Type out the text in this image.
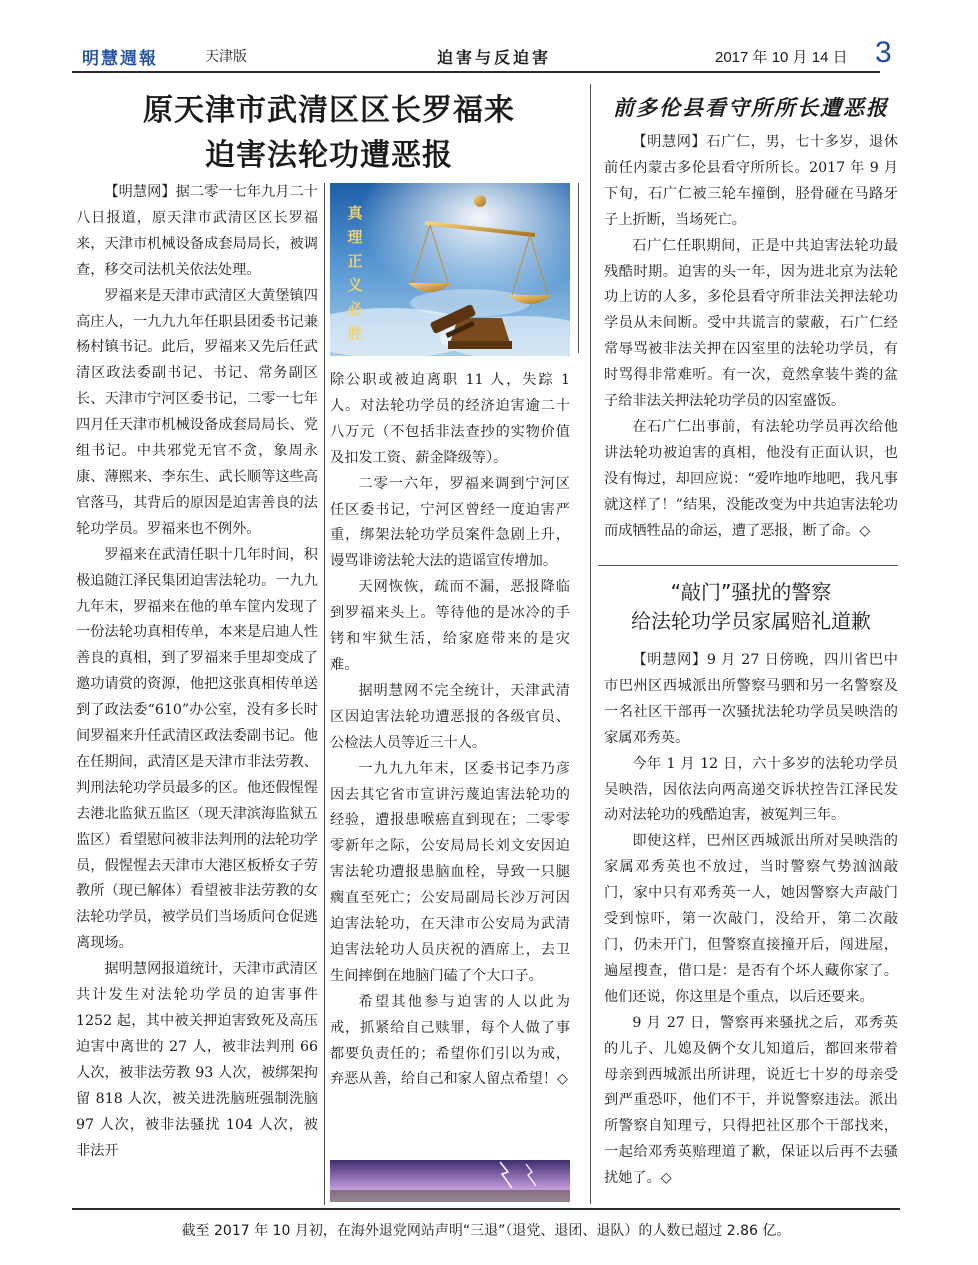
明慧週報	天津版	迫害与反迫害	2017 年 10 月 14 日 3
原天津市武清区区长罗福来
迫害法轮功遭恶报

【明慧网】据二零一七年九月二十八日报道，原天津市武清区区长罗福来，天津市机械设备成套局局长，被调查，移交司法机关依法处理。

罗福来是天津市武清区大黄堡镇四高庄人，一九九九年任职县团委书记兼杨村镇书记。此后，罗福来又先后任武清区政法委副书记、书记、常务副区长、天津市宁河区委书记，二零一七年四月任天津市机械设备成套局局长、党组书记。中共邪党无官不贪，象周永康、薄熙来、李东生、武长顺等这些高官落马，其背后的原因是迫害善良的法轮功学员。罗福来也不例外。

罗福来在武清任职十几年时间，积极追随江泽民集团迫害法轮功。一九九九年末，罗福来在他的单车筐内发现了一份法轮功真相传单，本来是启迪人性善良的真相，到了罗福来手里却变成了邀功请赏的资源，他把这张真相传单送到了政法委“610”办公室，没有多长时间罗福来升任武清区政法委副书记。他在任期间，武清区是天津市非法劳教、判刑法轮功学员最多的区。他还假惺惺去港北监狱五监区（现天津滨海监狱五监区）看望慰问被非法判刑的法轮功学员，假惺惺去天津市大港区板桥女子劳教所（现已解体）看望被非法劳教的女法轮功学员，被学员们当场质问仓促逃离现场。

据明慧网报道统计，天津市武清区共计发生对法轮功学员的迫害事件 1252 起，其中被关押迫害致死及高压迫害中离世的 27 人，被非法判刑 66 人次，被非法劳教 93 人次，被绑架拘留 818 人次，被关进洗脑班强制洗脑 97 人次，被非法骚扰 104 人次，被非法开

真理正义必胜

除公职或被迫离职 11 人，失踪 1 人。对法轮功学员的经济迫害逾二十八万元（不包括非法查抄的实物价值及扣发工资、薪金降级等）。

二零一六年，罗福来调到宁河区任区委书记，宁河区曾经一度迫害严重，绑架法轮功学员案件急剧上升，谩骂诽谤法轮大法的造谣宣传增加。

天网恢恢，疏而不漏，恶报降临到罗福来头上。等待他的是冰冷的手铐和牢狱生活，给家庭带来的是灾难。

据明慧网不完全统计，天津武清区因迫害法轮功遭恶报的各级官员、公检法人员等近三十人。

一九九九年末，区委书记李乃彦因去其它省市宣讲污蔑迫害法轮功的经验，遭报患喉癌直到现在；二零零零新年之际，公安局局长刘文安因迫害法轮功遭报患脑血栓，导致一只腿瘸直至死亡；公安局副局长沙万河因迫害法轮功，在天津市公安局为武清迫害法轮功人员庆祝的酒席上，去卫生间摔倒在地脑门磕了个大口子。

希望其他参与迫害的人以此为戒，抓紧给自己赎罪，每个人做了事都要负责任的；希望你们引以为戒，弃恶从善，给自己和家人留点希望！◇

前多伦县看守所所长遭恶报

【明慧网】石广仁，男，七十多岁，退休前任内蒙古多伦县看守所所长。2017 年 9 月下旬，石广仁被三轮车撞倒，胫骨碰在马路牙子上折断，当场死亡。

石广仁任职期间，正是中共迫害法轮功最残酷时期。迫害的头一年，因为进北京为法轮功上访的人多，多伦县看守所非法关押法轮功学员从未间断。受中共谎言的蒙蔽，石广仁经常辱骂被非法关押在囚室里的法轮功学员，有时骂得非常难听。有一次，竟然拿装牛粪的盆子给非法关押法轮功学员的囚室盛饭。

在石广仁出事前，有法轮功学员再次给他讲法轮功被迫害的真相，他没有正面认识，也没有悔过，却回应说：“爱咋地咋地吧，我凡事就这样了！”结果，没能改变为中共迫害法轮功而成牺牲品的命运，遭了恶报，断了命。◇

“敲门”骚扰的警察
给法轮功学员家属赔礼道歉

【明慧网】9 月 27 日傍晚，四川省巴中市巴州区西城派出所警察马驷和另一名警察及一名社区干部再一次骚扰法轮功学员吴映浩的家属邓秀英。

今年 1 月 12 日，六十多岁的法轮功学员吴映浩，因依法向两高递交诉状控告江泽民发动对法轮功的残酷迫害，被冤判三年。

即使这样，巴州区西城派出所对吴映浩的家属邓秀英也不放过，当时警察气势汹汹敲门，家中只有邓秀英一人，她因警察大声敲门受到惊吓，第一次敲门，没给开，第二次敲门，仍未开门，但警察直接撞开后，闯进屋，遍屋搜查，借口是：是否有个坏人藏你家了。他们还说，你这里是个重点，以后还要来。

9 月 27 日，警察再来骚扰之后，邓秀英的儿子、儿媳及俩个女儿知道后，都回来带着母亲到西城派出所讲理，说近七十岁的母亲受到严重恐吓，他们不干，并说警察违法。派出所警察自知理亏，只得把社区那个干部找来，一起给邓秀英赔理道了歉，保证以后再不去骚扰她了。◇

截至 2017 年 10 月初，在海外退党网站声明“三退”（退党、退团、退队）的人数已超过 2.86 亿。
